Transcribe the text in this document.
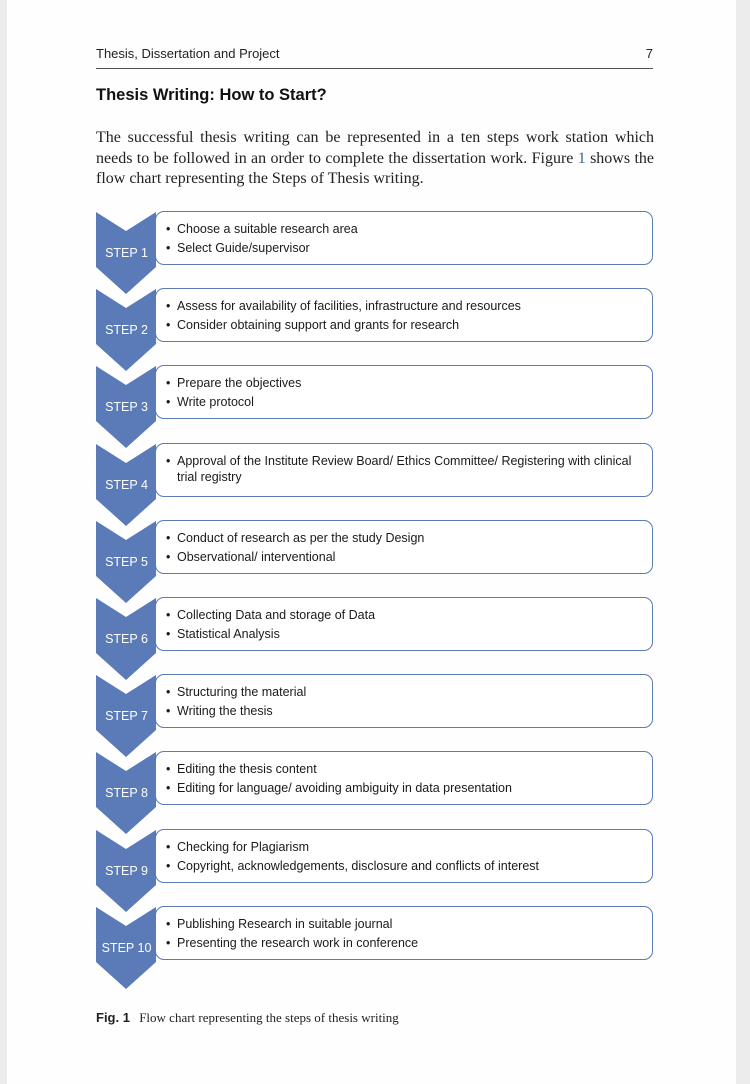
Thesis, Dissertation and Project	7
Thesis Writing: How to Start?
The successful thesis writing can be represented in a ten steps work station which needs to be followed in an order to complete the dissertation work. Figure 1 shows the flow chart representing the Steps of Thesis writing.
STEP 1
• Choose a suitable research area
• Select Guide/supervisor
STEP 2
• Assess for availability of facilities, infrastructure and resources
• Consider obtaining support and grants for research
STEP 3
• Prepare the objectives
• Write protocol
STEP 4
• Approval of the Institute Review Board/ Ethics Committee/ Registering with clinical trial registry
STEP 5
• Conduct of research as per the study Design
• Observational/ interventional
STEP 6
• Collecting Data and storage of Data
• Statistical Analysis
STEP 7
• Structuring the material
• Writing the thesis
STEP 8
• Editing the thesis content
• Editing for language/ avoiding ambiguity in data presentation
STEP 9
• Checking for Plagiarism
• Copyright, acknowledgements, disclosure and conflicts of interest
STEP 10
• Publishing Research in suitable journal
• Presenting the research work in conference
Fig. 1 Flow chart representing the steps of thesis writing
